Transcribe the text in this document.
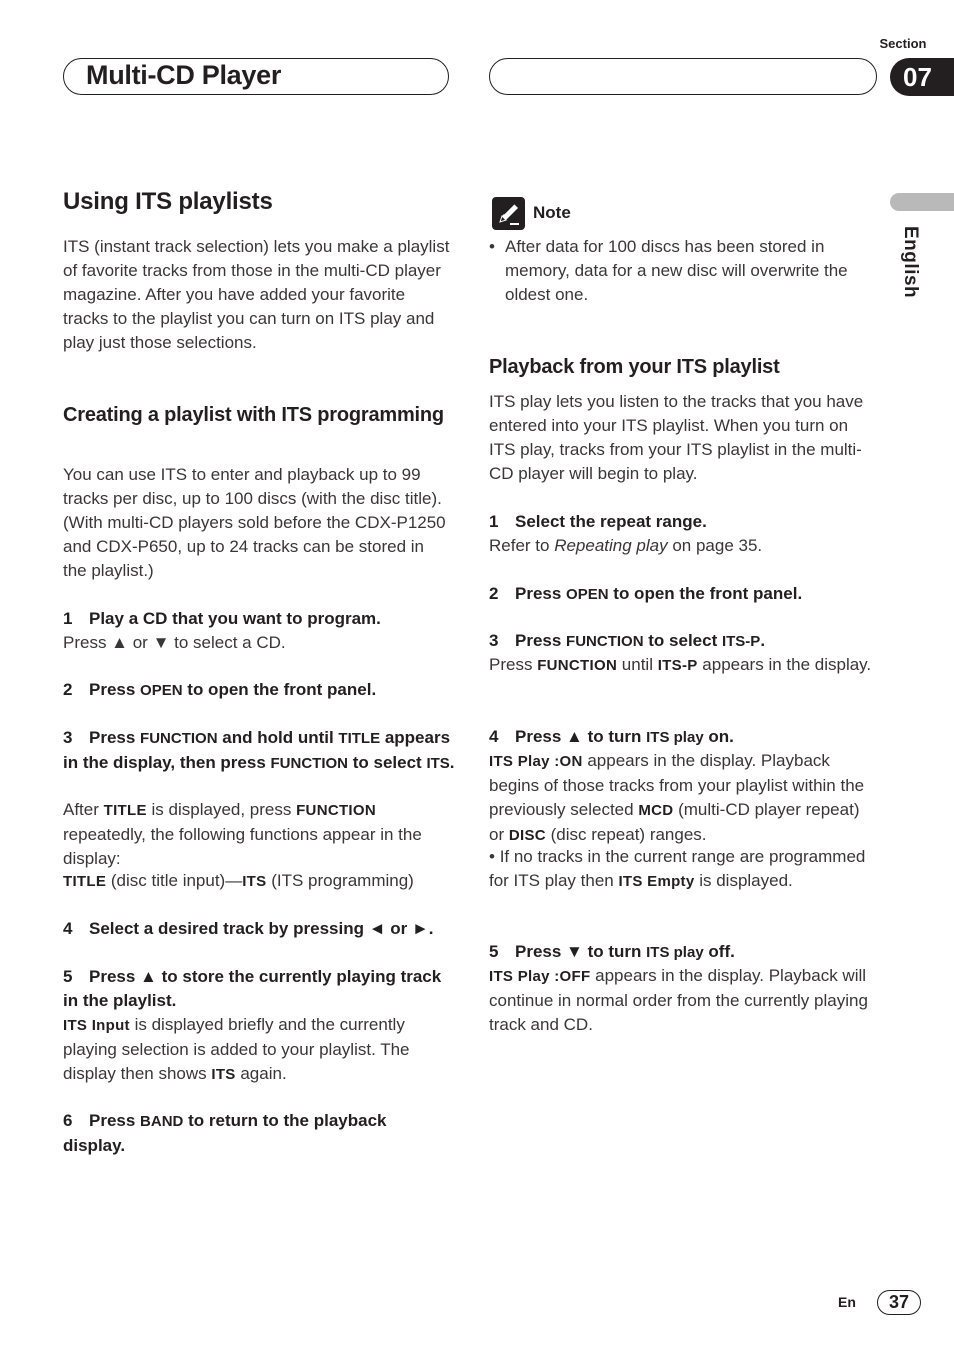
Section
Multi-CD Player	07
English
Using ITS playlists

ITS (instant track selection) lets you make a playlist of favorite tracks from those in the multi-CD player magazine. After you have added your favorite tracks to the playlist you can turn on ITS play and play just those selections.

Creating a playlist with ITS programming

You can use ITS to enter and playback up to 99 tracks per disc, up to 100 discs (with the disc title). (With multi-CD players sold before the CDX-P1250 and CDX-P650, up to 24 tracks can be stored in the playlist.)

1 Play a CD that you want to program.

Press ▲ or ▼ to select a CD.

2 Press OPEN to open the front panel.

3 Press FUNCTION and hold until TITLE appears in the display, then press FUNCTION to select ITS.

After TITLE is displayed, press FUNCTION repeatedly, the following functions appear in the display:

TITLE (disc title input)—ITS (ITS programming)

4 Select a desired track by pressing ◄ or ►.

5 Press ▲ to store the currently playing track in the playlist.

ITS Input is displayed briefly and the currently playing selection is added to your playlist. The display then shows ITS again.

6 Press BAND to return to the playback display.

Note

• After data for 100 discs has been stored in memory, data for a new disc will overwrite the oldest one.

Playback from your ITS playlist

ITS play lets you listen to the tracks that you have entered into your ITS playlist. When you turn on ITS play, tracks from your ITS playlist in the multi-CD player will begin to play.

1 Select the repeat range.

Refer to Repeating play on page 35.

2 Press OPEN to open the front panel.

3 Press FUNCTION to select ITS-P.

Press FUNCTION until ITS-P appears in the display.

4 Press ▲ to turn ITS play on.

ITS Play :ON appears in the display. Playback begins of those tracks from your playlist within the previously selected MCD (multi-CD player repeat) or DISC (disc repeat) ranges.

• If no tracks in the current range are programmed for ITS play then ITS Empty is displayed.

5 Press ▼ to turn ITS play off.

ITS Play :OFF appears in the display. Playback will continue in normal order from the currently playing track and CD.

En 37
